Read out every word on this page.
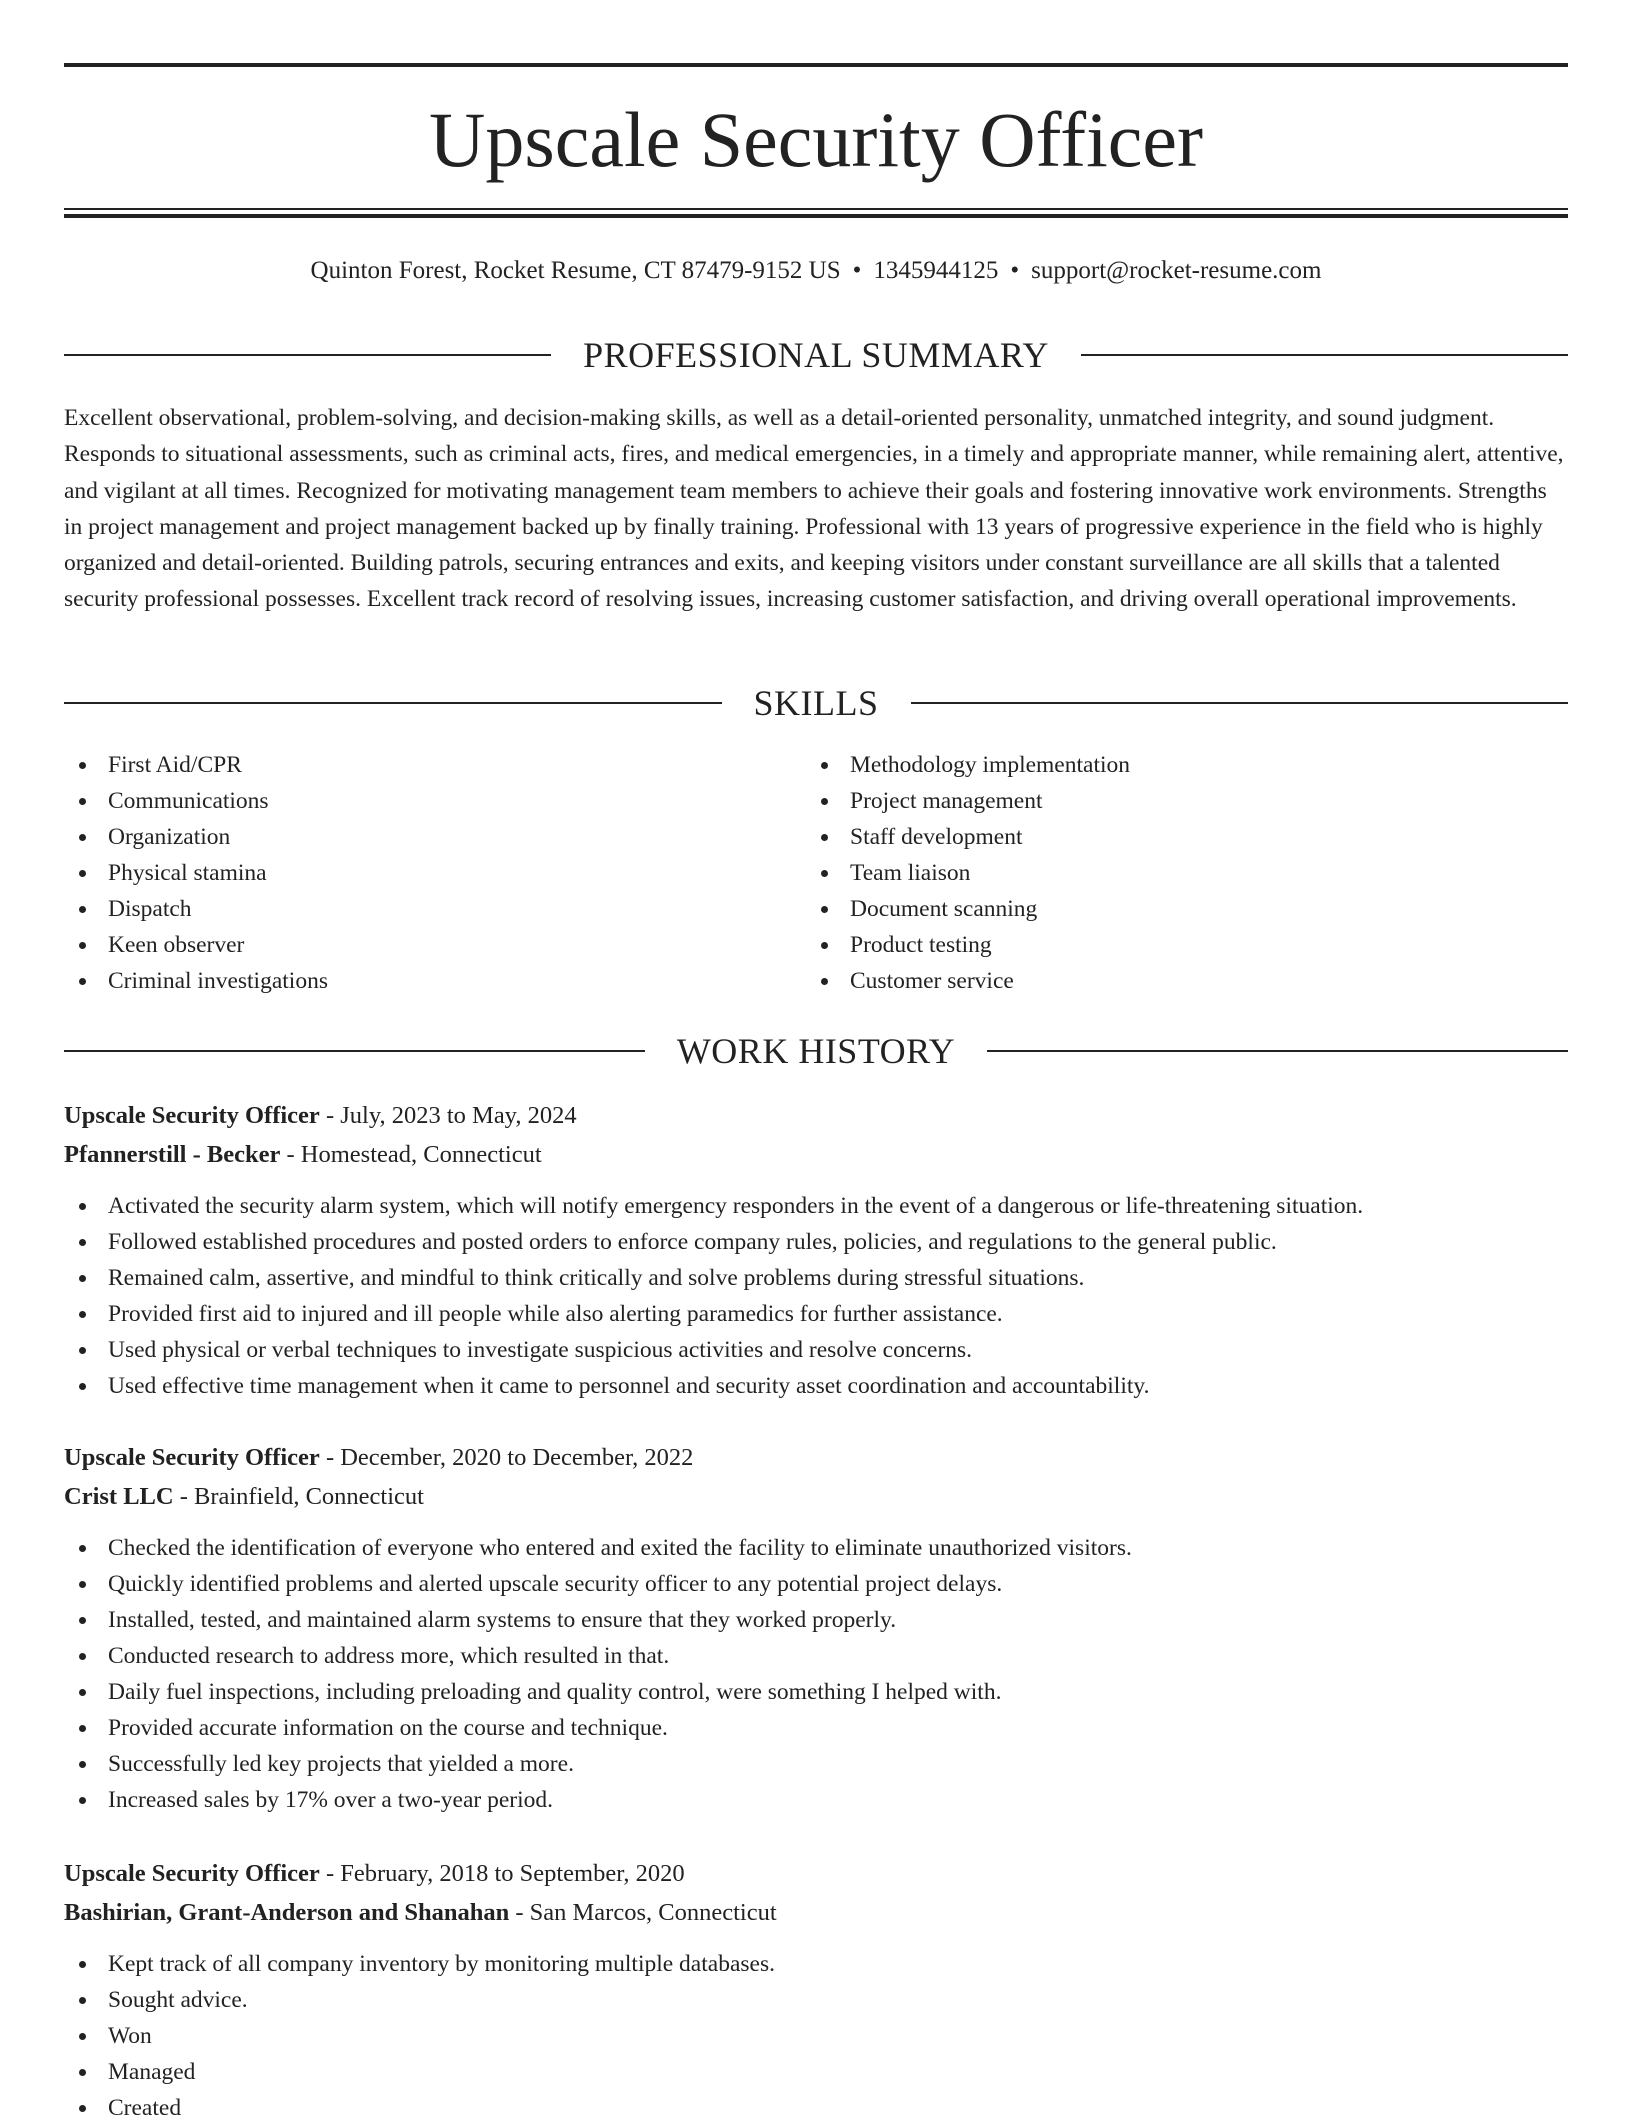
Upscale Security Officer
Quinton Forest, Rocket Resume, CT 87479-9152 US • 1345944125 • support@rocket-resume.com
PROFESSIONAL SUMMARY

Excellent observational, problem-solving, and decision-making skills, as well as a detail-oriented personality, unmatched integrity, and sound judgment. Responds to situational assessments, such as criminal acts, fires, and medical emergencies, in a timely and appropriate manner, while remaining alert, attentive, and vigilant at all times. Recognized for motivating management team members to achieve their goals and fostering innovative work environments. Strengths in project management and project management backed up by finally training. Professional with 13 years of progressive experience in the field who is highly organized and detail-oriented. Building patrols, securing entrances and exits, and keeping visitors under constant surveillance are all skills that a talented security professional possesses. Excellent track record of resolving issues, increasing customer satisfaction, and driving overall operational improvements.

SKILLS
First Aid/CPR
Communications
Organization
Physical stamina
Dispatch
Keen observer
Criminal investigations
Methodology implementation
Project management
Staff development
Team liaison
Document scanning
Product testing
Customer service
WORK HISTORY
Upscale Security Officer - July, 2023 to May, 2024
Pfannerstill - Becker - Homestead, Connecticut
Activated the security alarm system, which will notify emergency responders in the event of a dangerous or life-threatening situation.
Followed established procedures and posted orders to enforce company rules, policies, and regulations to the general public.
Remained calm, assertive, and mindful to think critically and solve problems during stressful situations.
Provided first aid to injured and ill people while also alerting paramedics for further assistance.
Used physical or verbal techniques to investigate suspicious activities and resolve concerns.
Used effective time management when it came to personnel and security asset coordination and accountability.
Upscale Security Officer - December, 2020 to December, 2022
Crist LLC - Brainfield, Connecticut
Checked the identification of everyone who entered and exited the facility to eliminate unauthorized visitors.
Quickly identified problems and alerted upscale security officer to any potential project delays.
Installed, tested, and maintained alarm systems to ensure that they worked properly.
Conducted research to address more, which resulted in that.
Daily fuel inspections, including preloading and quality control, were something I helped with.
Provided accurate information on the course and technique.
Successfully led key projects that yielded a more.
Increased sales by 17% over a two-year period.
Upscale Security Officer - February, 2018 to September, 2020
Bashirian, Grant-Anderson and Shanahan - San Marcos, Connecticut
Kept track of all company inventory by monitoring multiple databases.
Sought advice.
Won
Managed
Created
